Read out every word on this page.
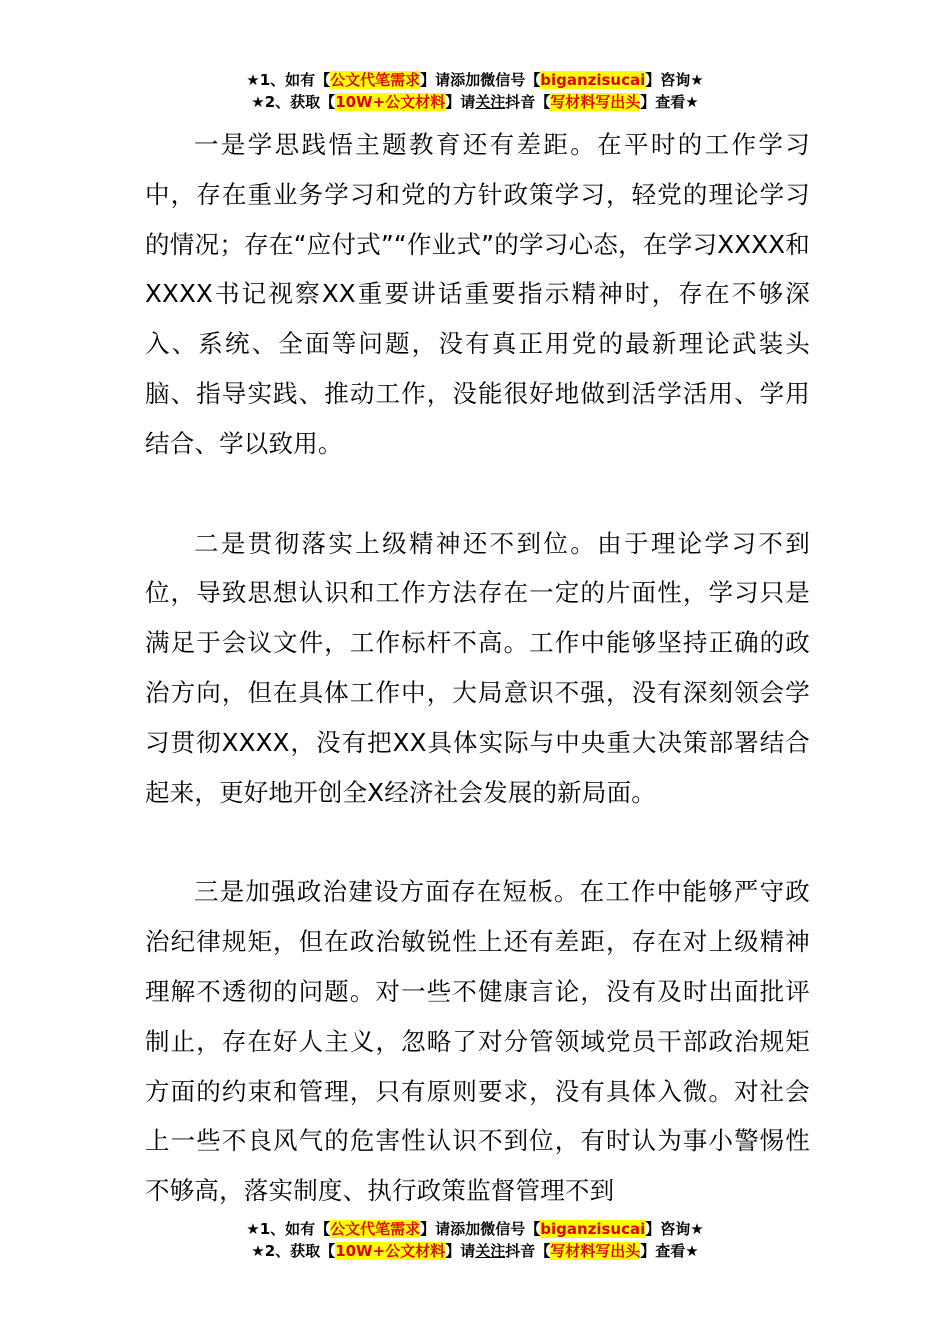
★1、如有【公文代笔需求】请添加微信号【biganzisucai】咨询★
★2、获取【10W+公文材料】请关注抖音【写材料写出头】查看★

一是学思践悟主题教育还有差距。在平时的工作学习中，存在重业务学习和党的方针政策学习，轻党的理论学习的情况；存在“应付式”“作业式”的学习心态，在学习XXXX和XXXX书记视察XX重要讲话重要指示精神时，存在不够深入、系统、全面等问题，没有真正用党的最新理论武装头脑、指导实践、推动工作，没能很好地做到活学活用、学用结合、学以致用。

二是贯彻落实上级精神还不到位。由于理论学习不到位，导致思想认识和工作方法存在一定的片面性，学习只是满足于会议文件，工作标杆不高。工作中能够坚持正确的政治方向，但在具体工作中，大局意识不强，没有深刻领会学习贯彻XXXX，没有把XX具体实际与中央重大决策部署结合起来，更好地开创全X经济社会发展的新局面。

三是加强政治建设方面存在短板。在工作中能够严守政治纪律规矩，但在政治敏锐性上还有差距，存在对上级精神理解不透彻的问题。对一些不健康言论，没有及时出面批评制止，存在好人主义，忽略了对分管领域党员干部政治规矩方面的约束和管理，只有原则要求，没有具体入微。对社会上一些不良风气的危害性认识不到位，有时认为事小警惕性不够高，落实制度、执行政策监督管理不到

★1、如有【公文代笔需求】请添加微信号【biganzisucai】咨询★
★2、获取【10W+公文材料】请关注抖音【写材料写出头】查看★
